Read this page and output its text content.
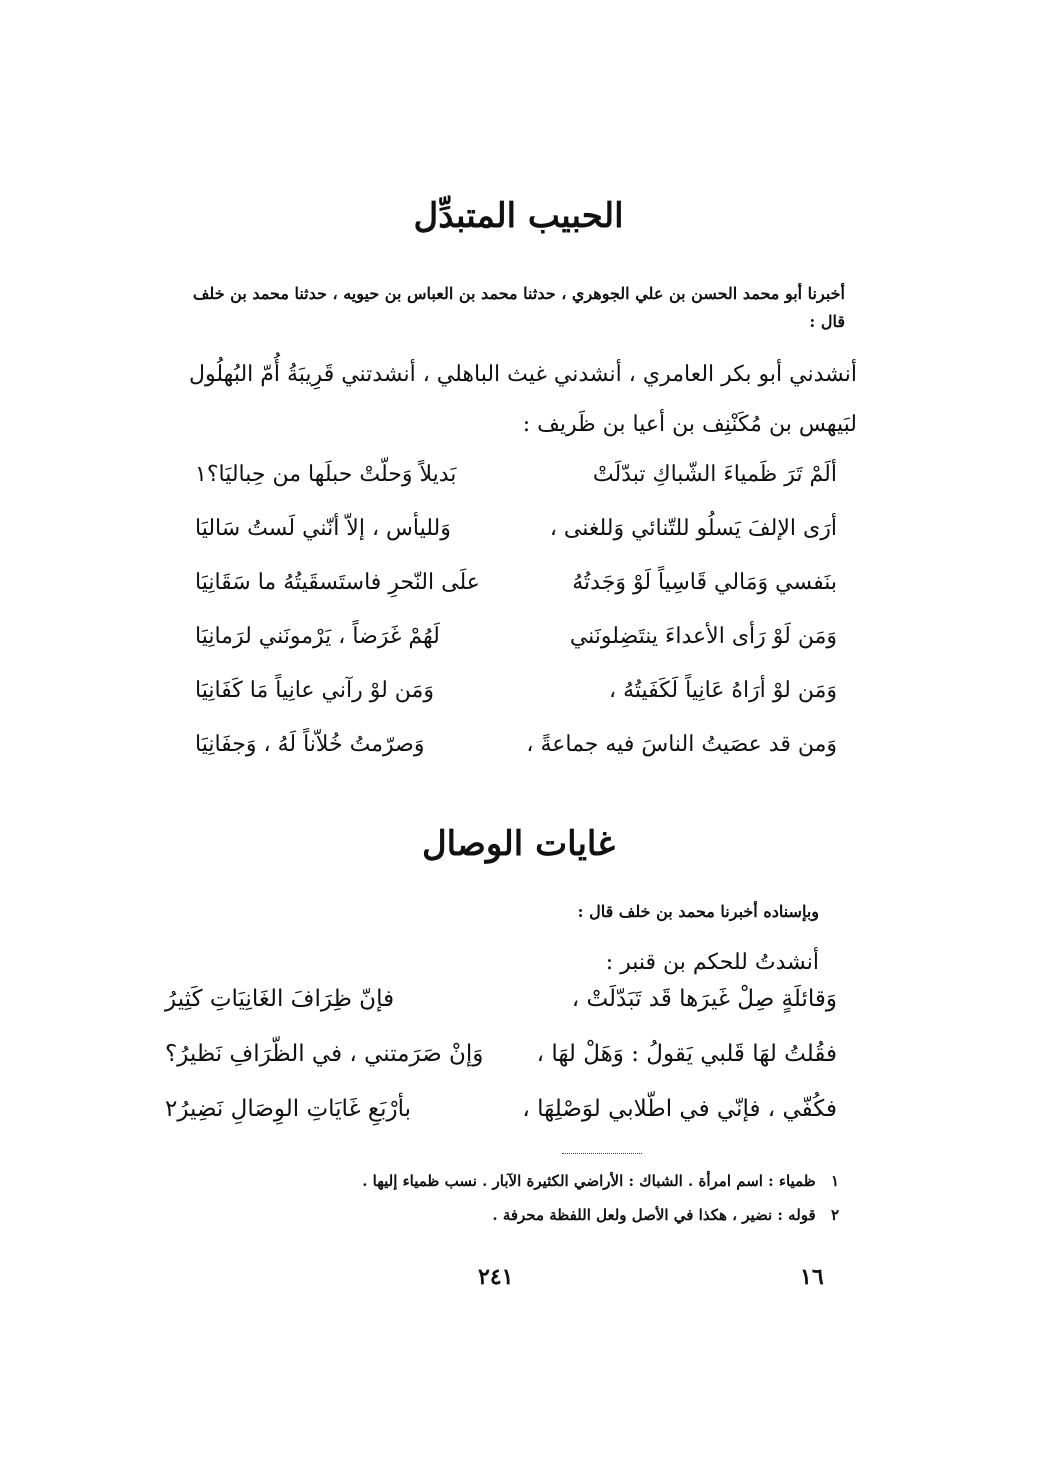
الحبيب المتبدِّل
أخبرنا أبو محمد الحسن بن علي الجوهري ، حدثنا محمد بن العباس بن حيويه ، حدثنا محمد بن خلف قال :
أنشدني أبو بكر العامري ، أنشدني غيث الباهلي ، أنشدتني قَرِيبَةُ أُمّ البُهلُول لبَيهس بن مُكَنْنِف بن أعيا بن ظَريف :
ألَمْ تَرَ ظَمياءَ الشّباكِ تبدّلَتْ
بَديلاً وَحلّتْ حبلَها من حِباليَا؟١
أرَى الإلفَ يَسلُو للتّنائي وَللغنى ،
وَلليأس ، إلاّ أنّني لَستُ سَاليَا
بنَفسي وَمَالي قَاسِياً لَوْ وَجَدتُهُ
علَى النّحرِ فاستَسقَيتُهُ ما سَقَانِيَا
وَمَن لَوْ رَأى الأعداءَ ينتَضِلونَني
لَهُمْ غَرَضاً ، يَرْمونَني لرَمانِيَا
وَمَن لوْ أرَاهُ عَانِياً لَكَفَيتُهُ ،
وَمَن لوْ رآني عانِياً مَا كَفَانِيَا
وَمن قد عصَيتُ الناسَ فيه جماعةً ،
وَصرّمتُ خُلاّناً لَهُ ، وَجفَانِيَا
غايات الوصال
وبإسناده أخبرنا محمد بن خلف قال :
أنشدتُ للحكم بن قنبر :
وَقائلَةٍ صِلْ غَيرَها قَد تَبَدّلَتْ ،
فإنّ ظِرَافَ الغَانِيَاتِ كَثِيرُ
فقُلتُ لهَا قَلبي يَقولُ : وَهَلْ لهَا ،
وَإنْ صَرَمتني ، في الظّرَافِ نَظيرُ؟
فكُفّي ، فإنّي في اطّلابي لوَصْلِهَا ،
بأرْبَعِ غَايَاتِ الوِصَالِ نَضِيرُ٢
١ ظمياء : اسم امرأة . الشباك : الأراضي الكثيرة الآبار . نسب ظمياء إليها .
٢ قوله : نضير ، هكذا في الأصل ولعل اللفظة محرفة .
٢٤١	١٦
